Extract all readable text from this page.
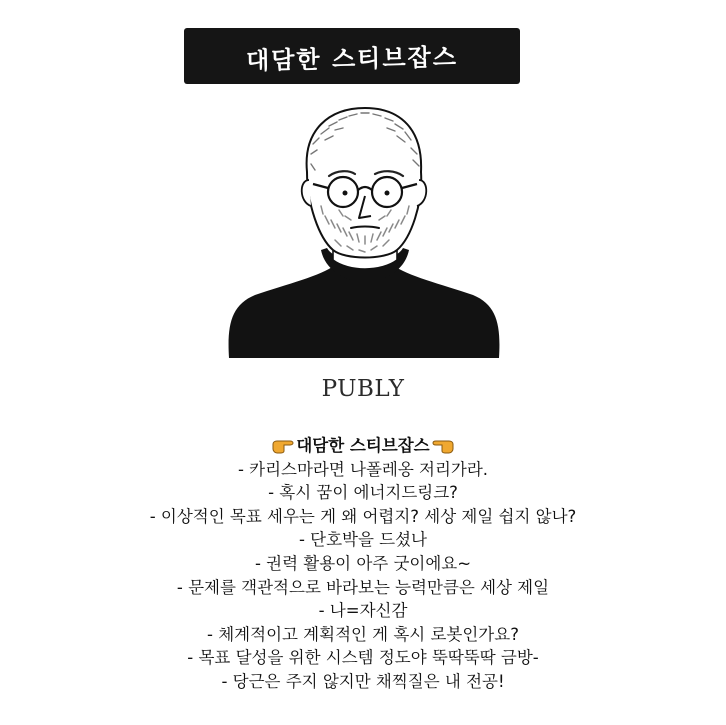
대담한 스티브잡스
PUBLY
대담한 스티브잡스
- 카리스마라면 나폴레옹 저리가라.
- 혹시 꿈이 에너지드링크?
- 이상적인 목표 세우는 게 왜 어렵지? 세상 제일 쉽지 않나?
- 단호박을 드셨나
- 권력 활용이 아주 굿이에요~
- 문제를 객관적으로 바라보는 능력만큼은 세상 제일
- 나=자신감
- 체계적이고 계획적인 게 혹시 로봇인가요?
- 목표 달성을 위한 시스템 정도야 뚝딱뚝딱 금방-
- 당근은 주지 않지만 채찍질은 내 전공!
